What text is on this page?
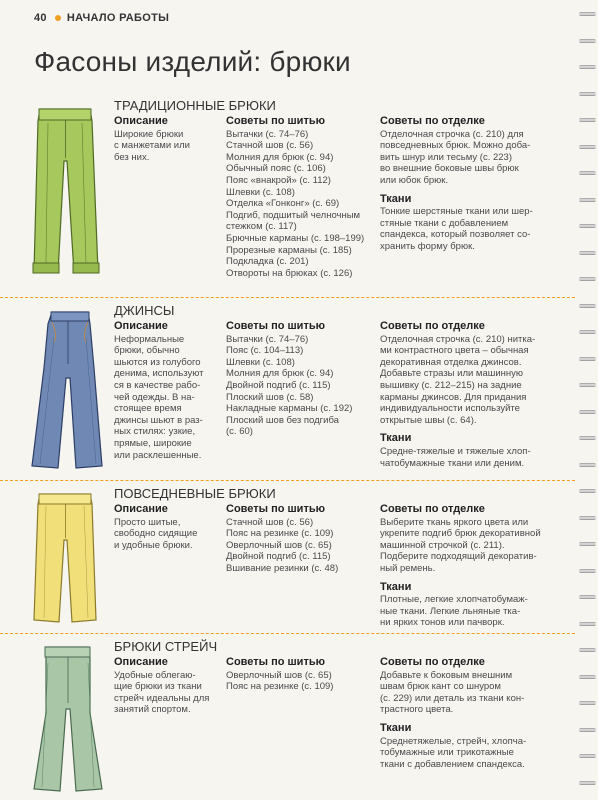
40 НАЧАЛО РАБОТЫ
Фасоны изделий: брюки
ТРАДИЦИОННЫЕ БРЮКИ
Описание

Широкие брюки

с манжетами или

без них.

Советы по шитью

Вытачки (с. 74–76)

Стачной шов (с. 56)

Молния для брюк (с. 94)

Обычный пояс (с. 106)

Пояс «внакрой» (с. 112)

Шлевки (с. 108)

Отделка «Гонконг» (с. 69)

Подгиб, подшитый челночным

стежком (с. 117)

Брючные карманы (с. 198–199)

Прорезные карманы (с. 185)

Подкладка (с. 201)

Отвороты на брюках (с. 126)

Советы по отделке

Отделочная строчка (с. 210) для

повседневных брюк. Можно доба-

вить шнур или тесьму (с. 223)

во внешние боковые швы брюк

или юбок брюк.

Ткани

Тонкие шерстяные ткани или шер-

стяные ткани с добавлением

спандекса, который позволяет со-

хранить форму брюк.

ДЖИНСЫ
Описание

Неформальные

брюки, обычно

шьются из голубого

денима, используют

ся в качестве рабо-

чей одежды. В на-

стоящее время

джинсы шьют в раз-

ных стилях: узкие,

прямые, широкие

или расклешенные.

Советы по шитью

Вытачки (с. 74–76)

Пояс (с. 104–113)

Шлевки (с. 108)

Молния для брюк (с. 94)

Двойной подгиб (с. 115)

Плоский шов (с. 58)

Накладные карманы (с. 192)

Плоский шов без подгиба

(с. 60)

Советы по отделке

Отделочная строчка (с. 210) нитка-

ми контрастного цвета – обычная

декоративная отделка джинсов.

Добавьте стразы или машинную

вышивку (с. 212–215) на задние

карманы джинсов. Для придания

индивидуальности используйте

открытые швы (с. 64).

Ткани

Средне-тяжелые и тяжелые хлоп-

чатобумажные ткани или деним.

ПОВСЕДНЕВНЫЕ БРЮКИ
Описание

Просто шитые,

свободно сидящие

и удобные брюки.

Советы по шитью

Стачной шов (с. 56)

Пояс на резинке (с. 109)

Оверлочный шов (с. 65)

Двойной подгиб (с. 115)

Вшивание резинки (с. 48)

Советы по отделке

Выберите ткань яркого цвета или

укрепите подгиб брюк декоративной

машинной строчкой (с. 211).

Подберите подходящий декоратив-

ный ремень.

Ткани

Плотные, легкие хлопчатобумаж-

ные ткани. Легкие льняные тка-

ни ярких тонов или пачворк.

БРЮКИ СТРЕЙЧ
Описание

Удобные облегаю-

щие брюки из ткани

стрейч идеальны для

занятий спортом.

Советы по шитью

Оверлочный шов (с. 65)

Пояс на резинке (с. 109)

Советы по отделке

Добавьте к боковым внешним

швам брюк кант со шнуром

(с. 229) или деталь из ткани кон-

трастного цвета.

Ткани

Среднетяжелые, стрейч, хлопча-

тобумажные или трикотажные

ткани с добавлением спандекса.
